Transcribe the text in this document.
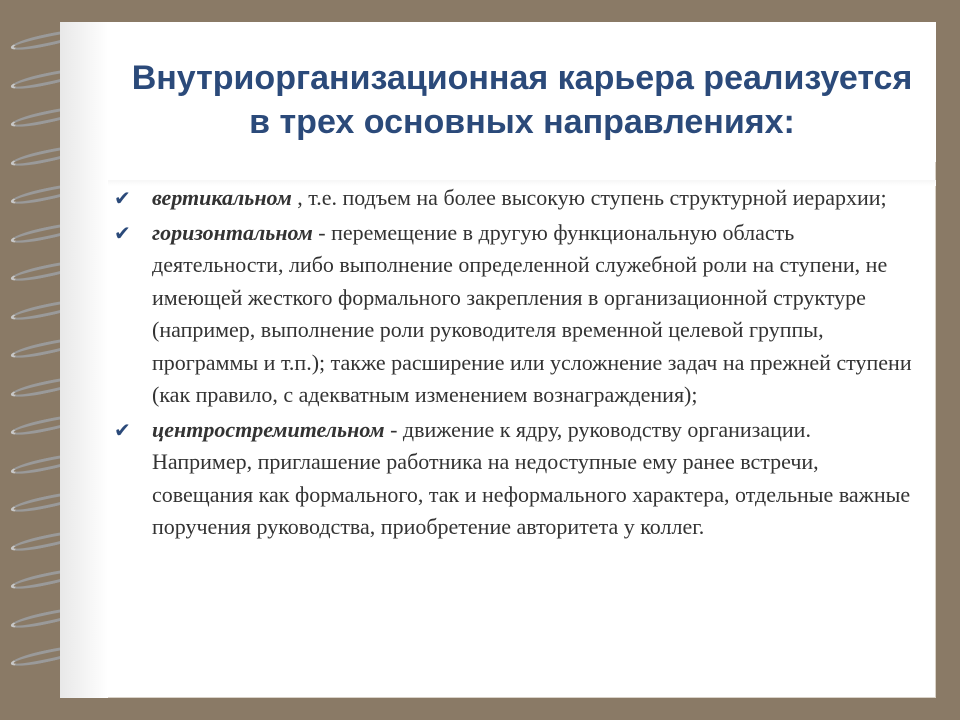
Внутриорганизационная карьера реализуется
в трех основных направлениях:
✔ вертикальном , т.е. подъем на более высокую ступень структурной иерархии;
✔ горизонтальном - перемещение в другую функциональную область деятельности, либо выполнение определенной служебной роли на ступени, не имеющей жесткого формального закрепления в организационной структуре (например, выполнение роли руководителя временной целевой группы, программы и т.п.); также расширение или усложнение задач на прежней ступени (как правило, с адекватным изменением вознаграждения);
✔ центростремительном - движение к ядру, руководству организации. Например, приглашение работника на недоступные ему ранее встречи, совещания как формального, так и неформального характера, отдельные важные поручения руководства, приобретение авторитета у коллег.
